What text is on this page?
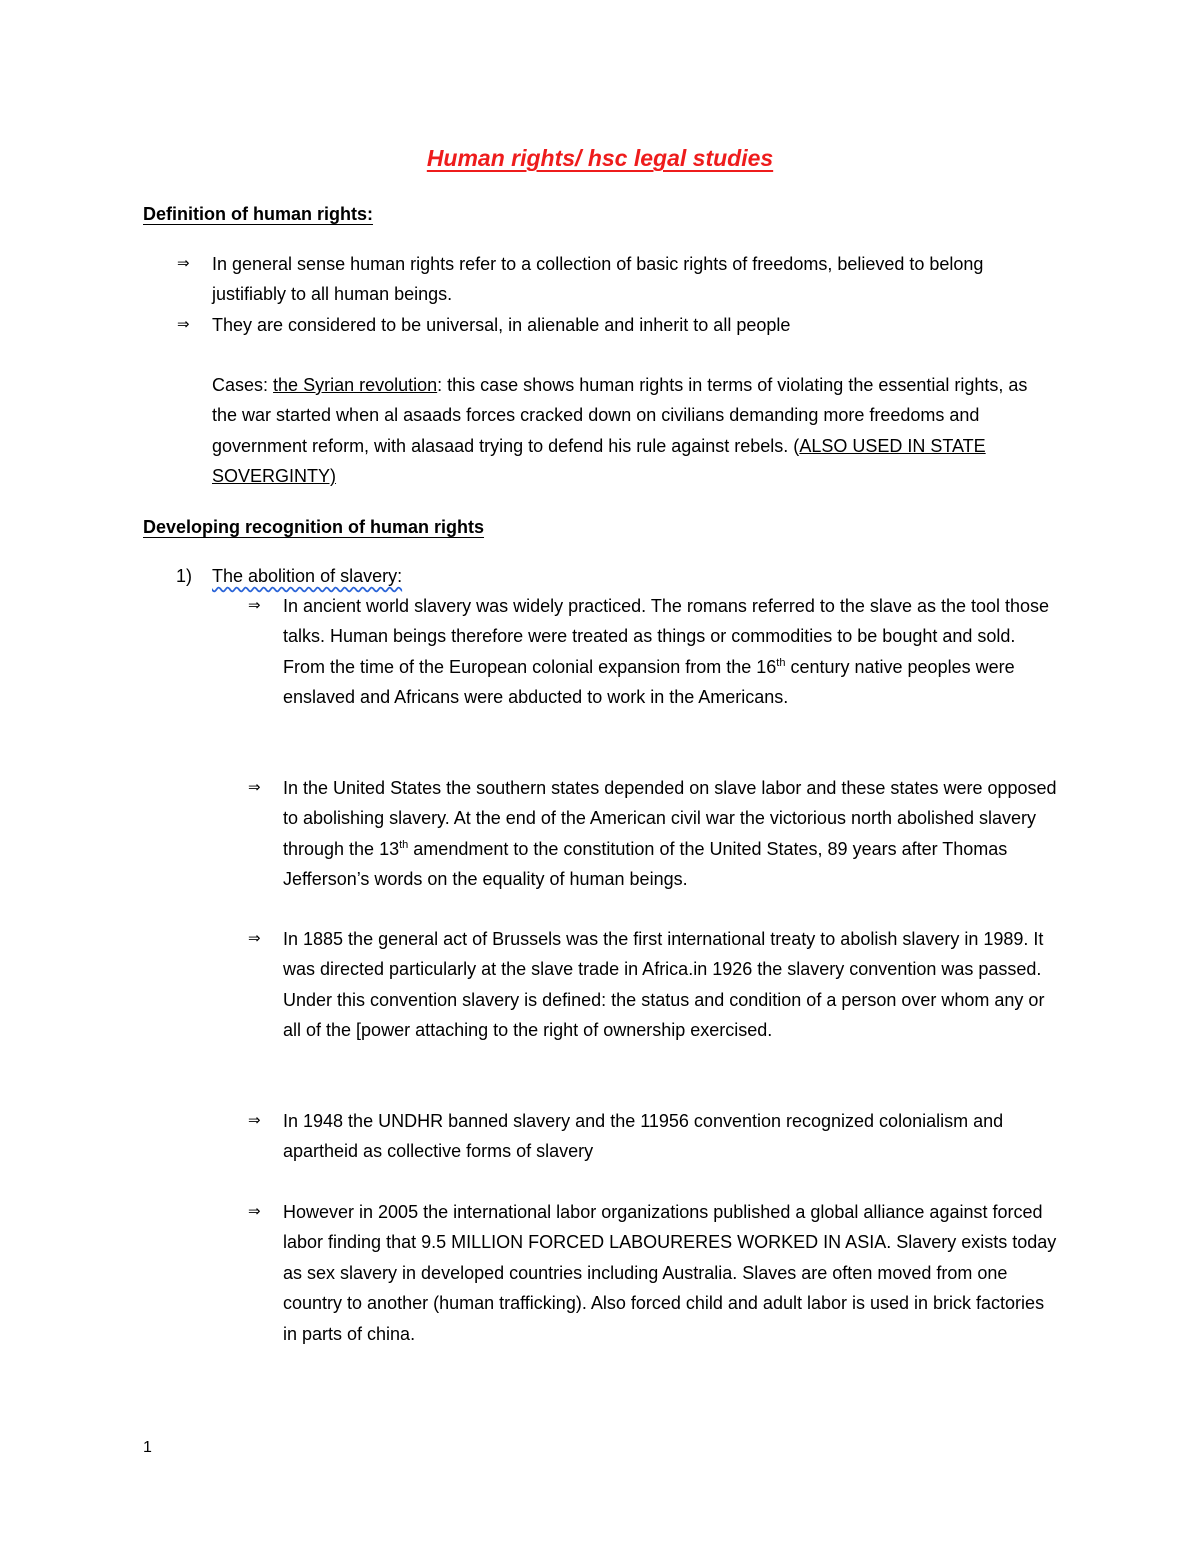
Human rights/ hsc legal studies
Definition of human rights:
⇒ In general sense human rights refer to a collection of basic rights of freedoms, believed to belong justifiably to all human beings.
⇒ They are considered to be universal, in alienable and inherit to all people
Cases: the Syrian revolution: this case shows human rights in terms of violating the essential rights, as the war started when al asaads forces cracked down on civilians demanding more freedoms and government reform, with alasaad trying to defend his rule against rebels. (ALSO USED IN STATE SOVERGINTY)
Developing recognition of human rights
1) The abolition of slavery:
⇒ In ancient world slavery was widely practiced. The romans referred to the slave as the tool those talks. Human beings therefore were treated as things or commodities to be bought and sold. From the time of the European colonial expansion from the 16th century native peoples were enslaved and Africans were abducted to work in the Americans.
⇒ In the United States the southern states depended on slave labor and these states were opposed to abolishing slavery. At the end of the American civil war the victorious north abolished slavery through the 13th amendment to the constitution of the United States, 89 years after Thomas Jefferson’s words on the equality of human beings.
⇒ In 1885 the general act of Brussels was the first international treaty to abolish slavery in 1989. It was directed particularly at the slave trade in Africa.in 1926 the slavery convention was passed. Under this convention slavery is defined: the status and condition of a person over whom any or all of the [power attaching to the right of ownership exercised.
⇒ In 1948 the UNDHR banned slavery and the 11956 convention recognized colonialism and apartheid as collective forms of slavery
⇒ However in 2005 the international labor organizations published a global alliance against forced labor finding that 9.5 MILLION FORCED LABOURERES WORKED IN ASIA. Slavery exists today as sex slavery in developed countries including Australia. Slaves are often moved from one country to another (human trafficking). Also forced child and adult labor is used in brick factories in parts of china.
1
